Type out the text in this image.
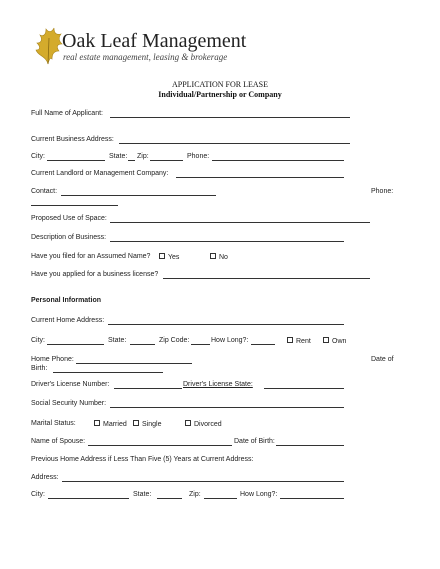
Oak Leaf Management
real estate management, leasing & brokerage
APPLICATION FOR LEASE
Individual/Partnership or Company
Full Name of Applicant:
Current Business Address:
City:	State: Zip:	Phone:
Current Landlord or Management Company:
Contact:	Phone:
Proposed Use of Space:
Description of Business:
Have you filed for an Assumed Name?	Yes	No
Have you applied for a business license?
Personal Information
Current Home Address:
City:	State:	Zip Code:	How Long?:	Rent	Own
Home Phone:	Date of
Birth:
Driver's License Number:	Driver's License State:
Social Security Number:
Marital Status:	Married	Single	Divorced
Name of Spouse:	Date of Birth:
Previous Home Address if Less Than Five (5) Years at Current Address:
Address:
City:	State:	Zip:	How Long?:
